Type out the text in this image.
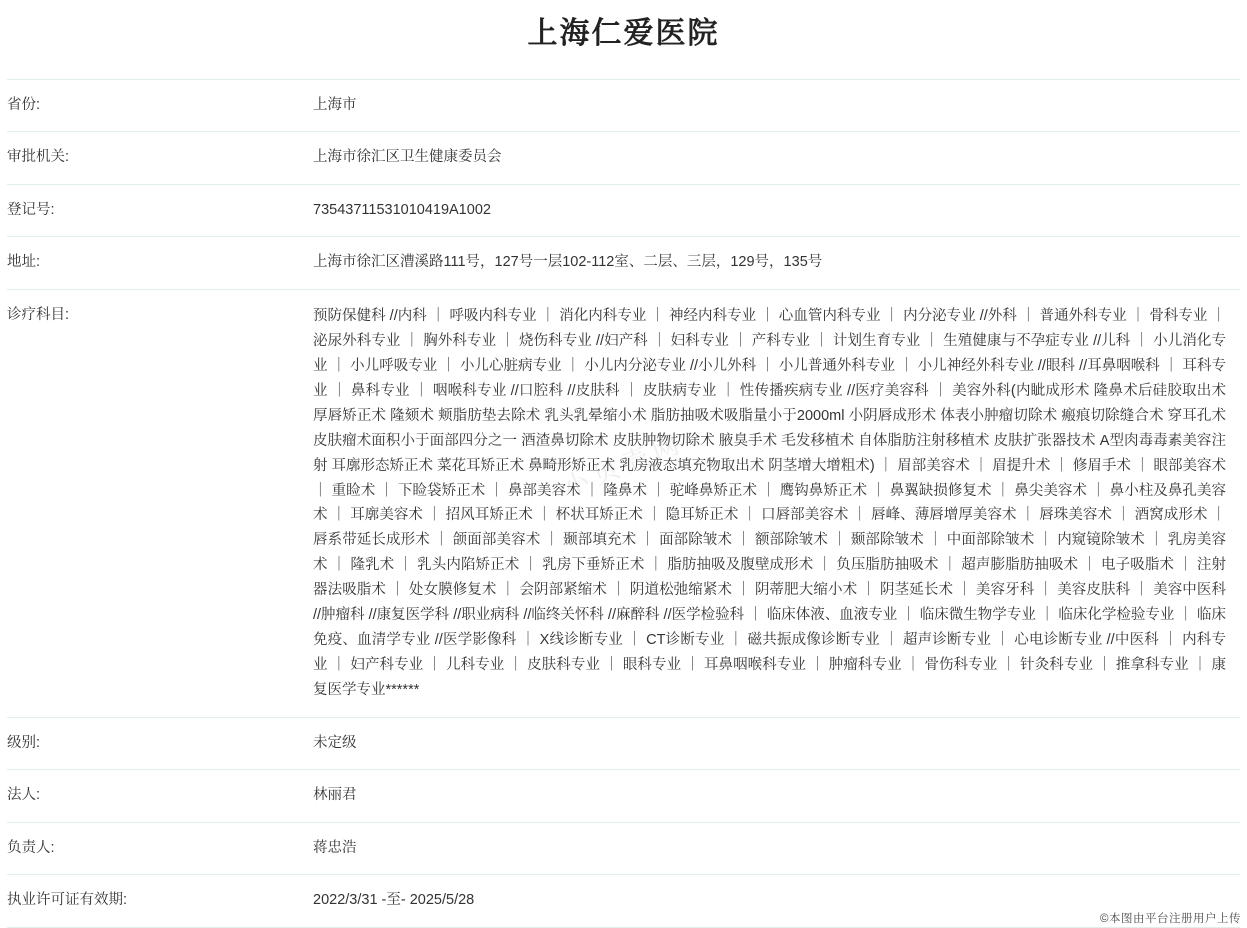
上海仁爱医院
省份:	上海市
审批机关:	上海市徐汇区卫生健康委员会
登记号:	73543711531010419A1002
地址:	上海市徐汇区漕溪路111号，127号一层102-112室、二层、三层，129号，135号
诊疗科目:	预防保健科 //内科 ｜ 呼吸内科专业 ｜ 消化内科专业 ｜ 神经内科专业 ｜ 心血管内科专业 ｜ 内分泌专业 //外科 ｜ 普通外科专业 ｜ 骨科专业 ｜ 泌尿外科专业 ｜ 胸外科专业 ｜ 烧伤科专业 //妇产科 ｜ 妇科专业 ｜ 产科专业 ｜ 计划生育专业 ｜ 生殖健康与不孕症专业 //儿科 ｜ 小儿消化专业 ｜ 小儿呼吸专业 ｜ 小儿心脏病专业 ｜ 小儿内分泌专业 //小儿外科 ｜ 小儿普通外科专业 ｜ 小儿神经外科专业 //眼科 //耳鼻咽喉科 ｜ 耳科专业 ｜ 鼻科专业 ｜ 咽喉科专业 //口腔科 //皮肤科 ｜ 皮肤病专业 ｜ 性传播疾病专业 //医疗美容科 ｜ 美容外科(内眦成形术 隆鼻术后硅胶取出术 厚唇矫正术 隆颏术 颊脂肪垫去除术 乳头乳晕缩小术 脂肪抽吸术吸脂量小于2000ml 小阴唇成形术 体表小肿瘤切除术 瘢痕切除缝合术 穿耳孔术 皮肤瘤术面积小于面部四分之一 酒渣鼻切除术 皮肤肿物切除术 腋臭手术 毛发移植术 自体脂肪注射移植术 皮肤扩张器技术 A型肉毒毒素美容注射 耳廓形态矫正术 菜花耳矫正术 鼻畸形矫正术 乳房液态填充物取出术 阴茎增大增粗术) ｜ 眉部美容术 ｜ 眉提升术 ｜ 修眉手术 ｜ 眼部美容术 ｜ 重睑术 ｜ 下睑袋矫正术 ｜ 鼻部美容术 ｜ 隆鼻术 ｜ 驼峰鼻矫正术 ｜ 鹰钩鼻矫正术 ｜ 鼻翼缺损修复术 ｜ 鼻尖美容术 ｜ 鼻小柱及鼻孔美容术 ｜ 耳廓美容术 ｜ 招风耳矫正术 ｜ 杯状耳矫正术 ｜ 隐耳矫正术 ｜ 口唇部美容术 ｜ 唇峰、薄唇增厚美容术 ｜ 唇珠美容术 ｜ 酒窝成形术 ｜ 唇系带延长成形术 ｜ 颌面部美容术 ｜ 颞部填充术 ｜ 面部除皱术 ｜ 额部除皱术 ｜ 颞部除皱术 ｜ 中面部除皱术 ｜ 内窥镜除皱术 ｜ 乳房美容术 ｜ 隆乳术 ｜ 乳头内陷矫正术 ｜ 乳房下垂矫正术 ｜ 脂肪抽吸及腹壁成形术 ｜ 负压脂肪抽吸术 ｜ 超声膨脂肪抽吸术 ｜ 电子吸脂术 ｜ 注射器法吸脂术 ｜ 处女膜修复术 ｜ 会阴部紧缩术 ｜ 阴道松弛缩紧术 ｜ 阴蒂肥大缩小术 ｜ 阴茎延长术 ｜ 美容牙科 ｜ 美容皮肤科 ｜ 美容中医科 //肿瘤科 //康复医学科 //职业病科 //临终关怀科 //麻醉科 //医学检验科 ｜ 临床体液、血液专业 ｜ 临床微生物学专业 ｜ 临床化学检验专业 ｜ 临床免疫、血清学专业 //医学影像科 ｜ X线诊断专业 ｜ CT诊断专业 ｜ 磁共振成像诊断专业 ｜ 超声诊断专业 ｜ 心电诊断专业 //中医科 ｜ 内科专业 ｜ 妇产科专业 ｜ 儿科专业 ｜ 皮肤科专业 ｜ 眼科专业 ｜ 耳鼻咽喉科专业 ｜ 肿瘤科专业 ｜ 骨伤科专业 ｜ 针灸科专业 ｜ 推拿科专业 ｜ 康复医学专业******
级别:	未定级
法人:	林丽君
负责人:	蒋忠浩
执业许可证有效期:	2022/3/31 -至- 2025/5/28
小贝壳网
©本图由平台注册用户上传
